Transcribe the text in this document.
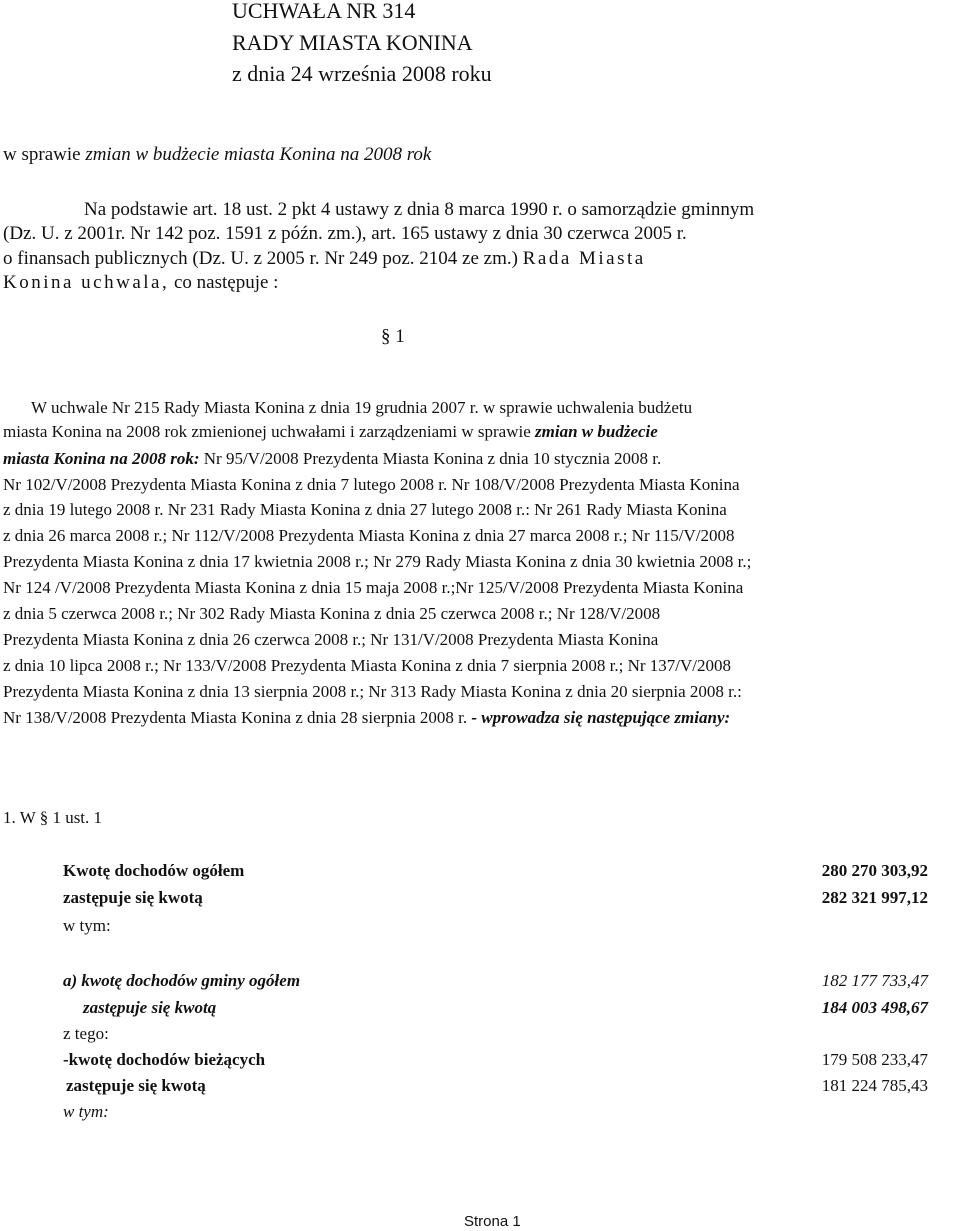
UCHWAŁA NR 314
RADY MIASTA KONINA
z dnia 24 września 2008 roku
w sprawie zmian w budżecie miasta Konina na 2008 rok
Na podstawie art. 18 ust. 2 pkt 4 ustawy z dnia 8 marca 1990 r. o samorządzie gminnym
(Dz. U. z 2001r. Nr 142 poz. 1591 z późn. zm.), art. 165 ustawy z dnia 30 czerwca 2005 r.
o finansach publicznych (Dz. U. z 2005 r. Nr 249 poz. 2104 ze zm.) Rada Miasta
Konina uchwala, co następuje :
§ 1
W uchwale Nr 215 Rady Miasta Konina z dnia 19 grudnia 2007 r. w sprawie uchwalenia budżetu
miasta Konina na 2008 rok zmienionej uchwałami i zarządzeniami w sprawie zmian w budżecie
miasta Konina na 2008 rok: Nr 95/V/2008 Prezydenta Miasta Konina z dnia 10 stycznia 2008 r.
Nr 102/V/2008 Prezydenta Miasta Konina z dnia 7 lutego 2008 r. Nr 108/V/2008 Prezydenta Miasta Konina
z dnia 19 lutego 2008 r. Nr 231 Rady Miasta Konina z dnia 27 lutego 2008 r.: Nr 261 Rady Miasta Konina
z dnia 26 marca 2008 r.; Nr 112/V/2008 Prezydenta Miasta Konina z dnia 27 marca 2008 r.; Nr 115/V/2008
Prezydenta Miasta Konina z dnia 17 kwietnia 2008 r.; Nr 279 Rady Miasta Konina z dnia 30 kwietnia 2008 r.;
Nr 124 /V/2008 Prezydenta Miasta Konina z dnia 15 maja 2008 r.;Nr 125/V/2008 Prezydenta Miasta Konina
z dnia 5 czerwca 2008 r.; Nr 302 Rady Miasta Konina z dnia 25 czerwca 2008 r.; Nr 128/V/2008
Prezydenta Miasta Konina z dnia 26 czerwca 2008 r.; Nr 131/V/2008 Prezydenta Miasta Konina
z dnia 10 lipca 2008 r.; Nr 133/V/2008 Prezydenta Miasta Konina z dnia 7 sierpnia 2008 r.; Nr 137/V/2008
Prezydenta Miasta Konina z dnia 13 sierpnia 2008 r.; Nr 313 Rady Miasta Konina z dnia 20 sierpnia 2008 r.:
Nr 138/V/2008 Prezydenta Miasta Konina z dnia 28 sierpnia 2008 r. - wprowadza się następujące zmiany:
1. W § 1 ust. 1
Kwotę dochodów ogółem	280 270 303,92
zastępuje się kwotą	282 321 997,12
w tym:
a) kwotę dochodów gminy ogółem	182 177 733,47
zastępuje się kwotą	184 003 498,67
z tego:
-kwotę dochodów bieżących	179 508 233,47
zastępuje się kwotą	181 224 785,43
w tym:
Strona 1
